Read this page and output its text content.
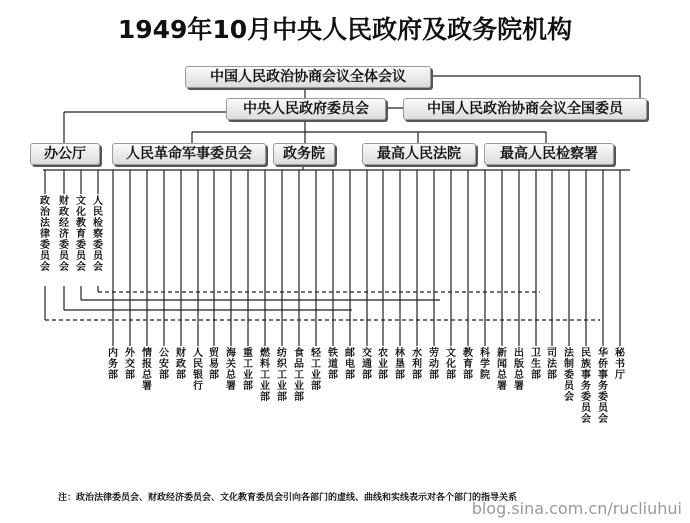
1949年10月中央人民政府及政务院机构
中国人民政治协商会议全体会议
中央人民政府委员会	中国人民政治协商会议全国委员
办公厅	人民革命军事委员会	政务院	最高人民法院	最高人民检察署
政治法律委员会
财政经济委员会
文化教育委员会
人民检察委员会
内务部
外交部
情报总署
公安部
财政部
人民银行
贸易部
海关总署
重工业部
燃料工业部
纺织工业部
食品工业部
轻工业部
铁道部
邮电部
交通部
农业部
林垦部
水利部
劳动部
文化部
教育部
科学院
新闻总署
出版总署
卫生部
司法部
法制委员会
民族事务委员会
华侨事务委员会
秘书厅
注：政治法律委员会、财政经济委员会、文化教育委员会引向各部门的虚线、曲线和实线表示对各个部门的指导关系
blog.sina.com.cn/rucliuhui
